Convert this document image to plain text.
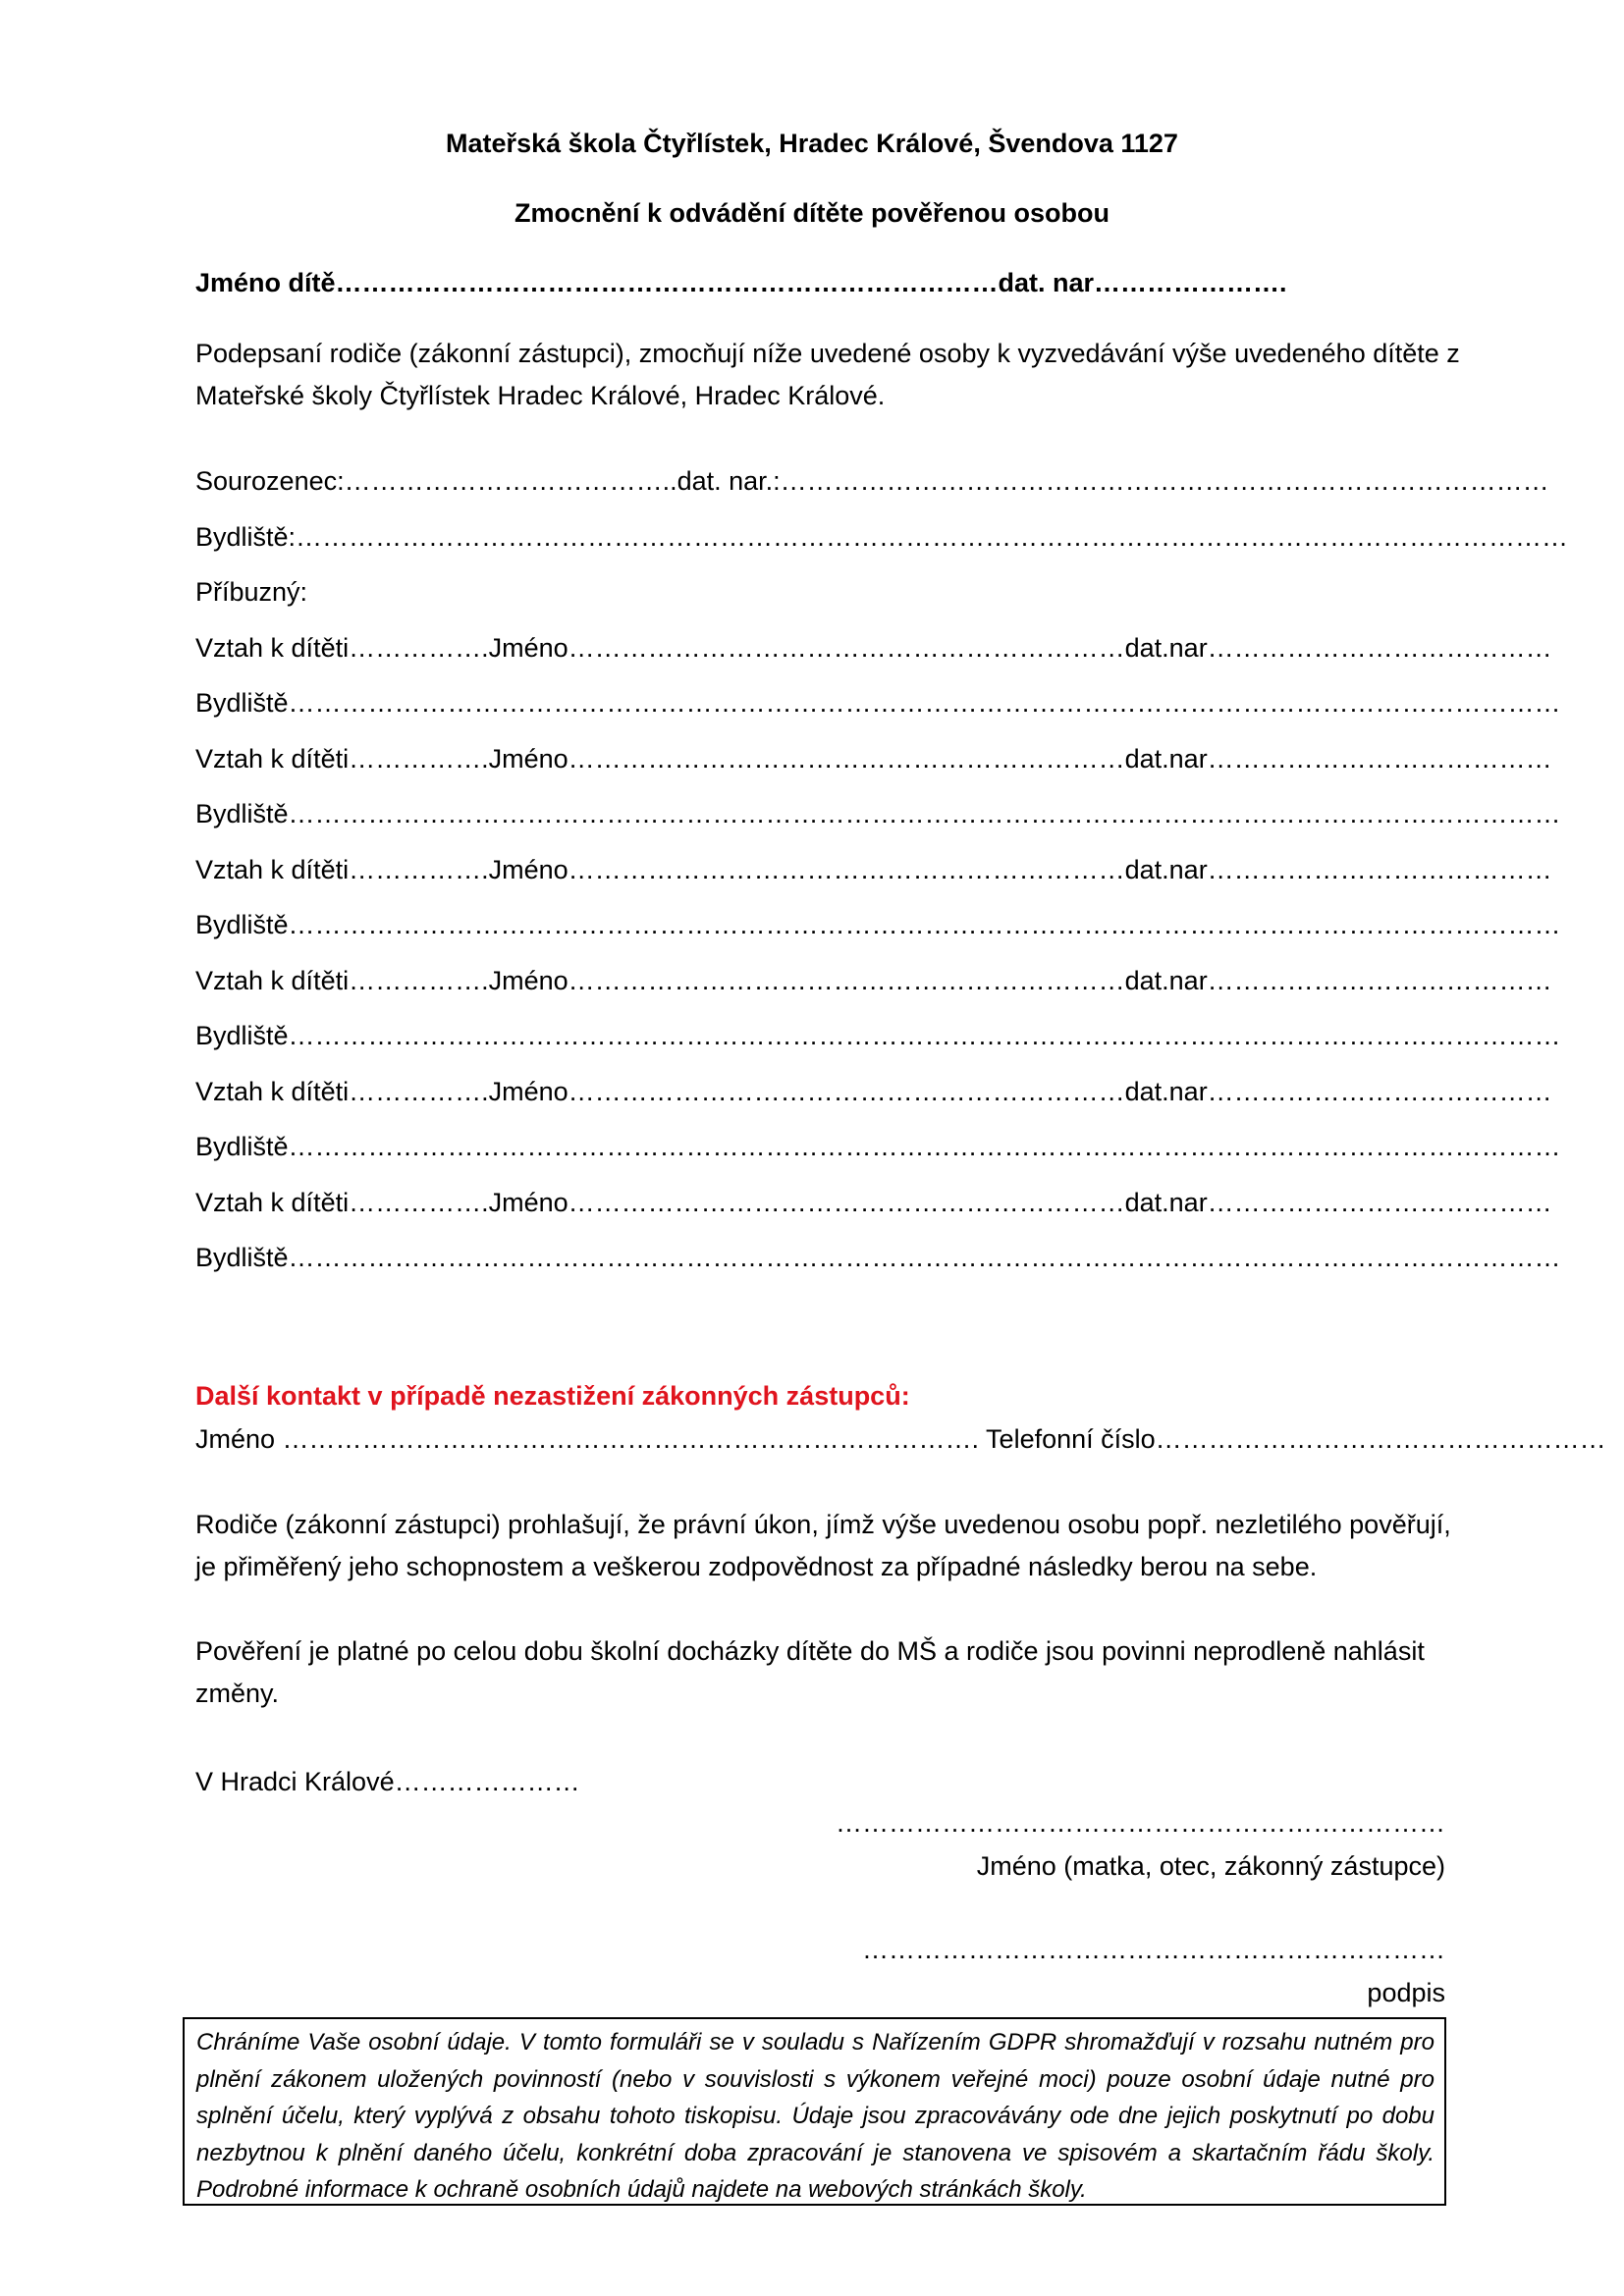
Mateřská škola Čtyřlístek, Hradec Králové, Švendova 1127
Zmocnění k odvádění dítěte pověřenou osobou
Jméno dítě…………………………………………………………………dat. nar………………….
Podepsaní rodiče (zákonní zástupci), zmocňují níže uvedené osoby k vyzvedávání výše uvedeného dítěte z Mateřské školy Čtyřlístek Hradec Králové, Hradec Králové.
Sourozenec:………………………………..dat. nar.:……………………………………………………………………………
Bydliště:………………………………………………………………………………………………………………………………
Příbuzný:
Vztah k dítěti…………….Jméno………………………………………………………dat.nar…………………………………
Bydliště………………………………………………………………………………………………………………………………
Vztah k dítěti…………….Jméno………………………………………………………dat.nar…………………………………
Bydliště………………………………………………………………………………………………………………………………
Vztah k dítěti…………….Jméno………………………………………………………dat.nar…………………………………
Bydliště………………………………………………………………………………………………………………………………
Vztah k dítěti…………….Jméno………………………………………………………dat.nar…………………………………
Bydliště………………………………………………………………………………………………………………………………
Vztah k dítěti…………….Jméno………………………………………………………dat.nar…………………………………
Bydliště………………………………………………………………………………………………………………………………
Vztah k dítěti…………….Jméno………………………………………………………dat.nar…………………………………
Bydliště………………………………………………………………………………………………………………………………
Další kontakt v případě nezastižení zákonných zástupců:
Jméno ……………………………………………………………………. Telefonní číslo……………………………………………
Rodiče (zákonní zástupci) prohlašují, že právní úkon, jímž výše uvedenou osobu popř. nezletilého pověřují, je přiměřený jeho schopnostem a veškerou zodpovědnost za případné následky berou na sebe.
Pověření je platné po celou dobu školní docházky dítěte do MŠ a rodiče jsou povinni neprodleně nahlásit změny.
V Hradci Králové…………………
……………………………………………………………
Jméno (matka, otec, zákonný zástupce)
…………………………………………………………
podpis
Chráníme Vaše osobní údaje. V tomto formuláři se v souladu s Nařízením GDPR shromažďují v rozsahu nutném pro plnění zákonem uložených povinností (nebo v souvislosti s výkonem veřejné moci) pouze osobní údaje nutné pro splnění účelu, který vyplývá z obsahu tohoto tiskopisu. Údaje jsou zpracovávány ode dne jejich poskytnutí po dobu nezbytnou k plnění daného účelu, konkrétní doba zpracování je stanovena ve spisovém a skartačním řádu školy. Podrobné informace k ochraně osobních údajů najdete na webových stránkách školy.
